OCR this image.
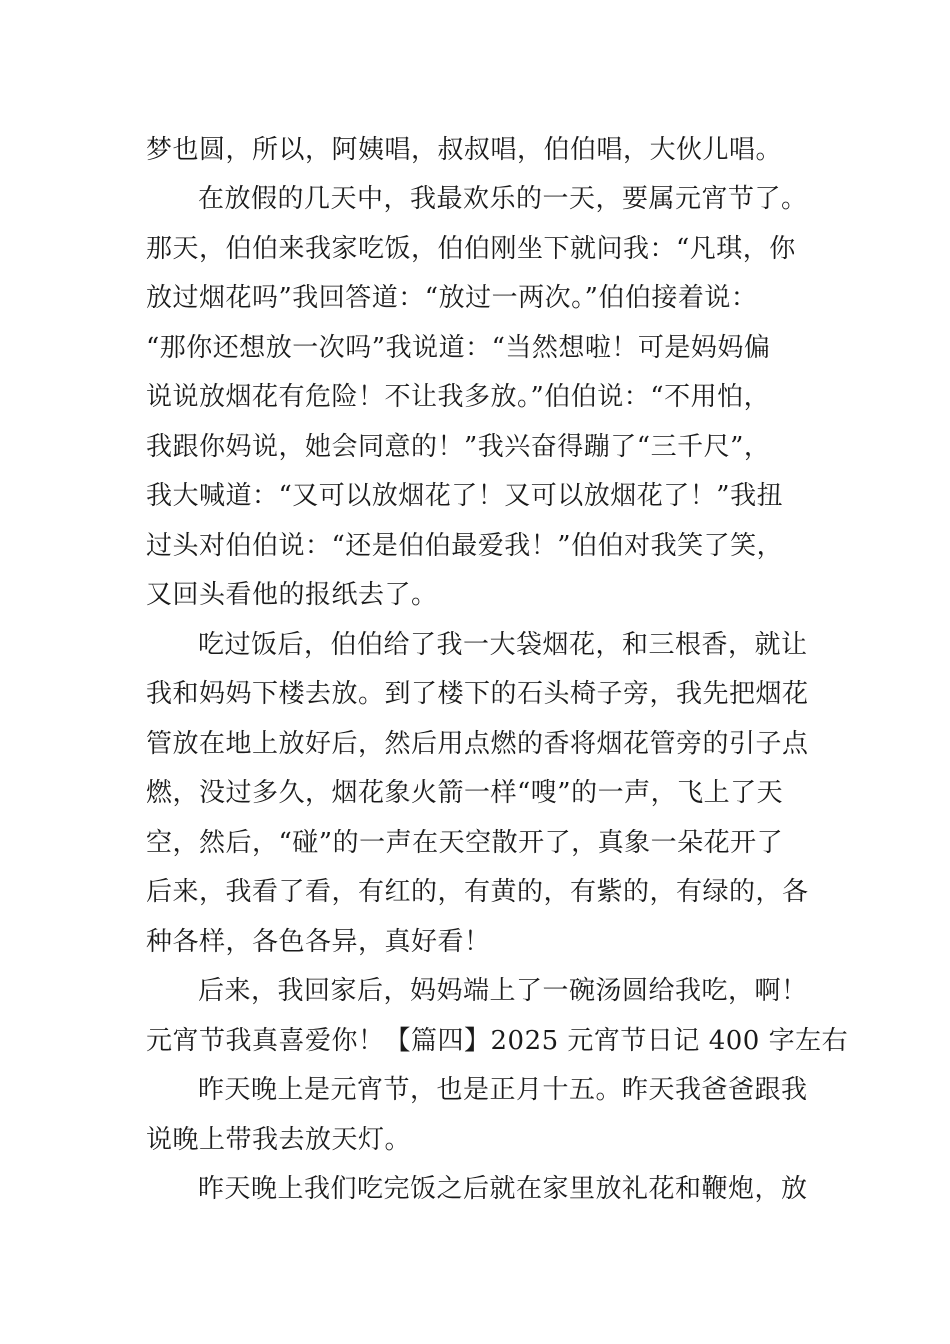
梦也圆，所以，阿姨唱，叔叔唱，伯伯唱，大伙儿唱。
在放假的几天中，我最欢乐的一天，要属元宵节了。
那天，伯伯来我家吃饭，伯伯刚坐下就问我：“凡琪，你
放过烟花吗”我回答道：“放过一两次。”伯伯接着说：
“那你还想放一次吗”我说道：“当然想啦！可是妈妈偏
说说放烟花有危险！不让我多放。”伯伯说：“不用怕，
我跟你妈说，她会同意的！”我兴奋得蹦了“三千尺”，
我大喊道：“又可以放烟花了！又可以放烟花了！”我扭
过头对伯伯说：“还是伯伯最爱我！”伯伯对我笑了笑，
又回头看他的报纸去了。
吃过饭后，伯伯给了我一大袋烟花，和三根香，就让
我和妈妈下楼去放。到了楼下的石头椅子旁，我先把烟花
管放在地上放好后，然后用点燃的香将烟花管旁的引子点
燃，没过多久，烟花象火箭一样“嗖”的一声，飞上了天
空，然后，“碰”的一声在天空散开了，真象一朵花开了
后来，我看了看，有红的，有黄的，有紫的，有绿的，各
种各样，各色各异，真好看！
后来，我回家后，妈妈端上了一碗汤圆给我吃，啊！
元宵节我真喜爱你！【篇四】2025 元宵节日记 400 字左右
昨天晚上是元宵节，也是正月十五。昨天我爸爸跟我
说晚上带我去放天灯。
昨天晚上我们吃完饭之后就在家里放礼花和鞭炮，放
